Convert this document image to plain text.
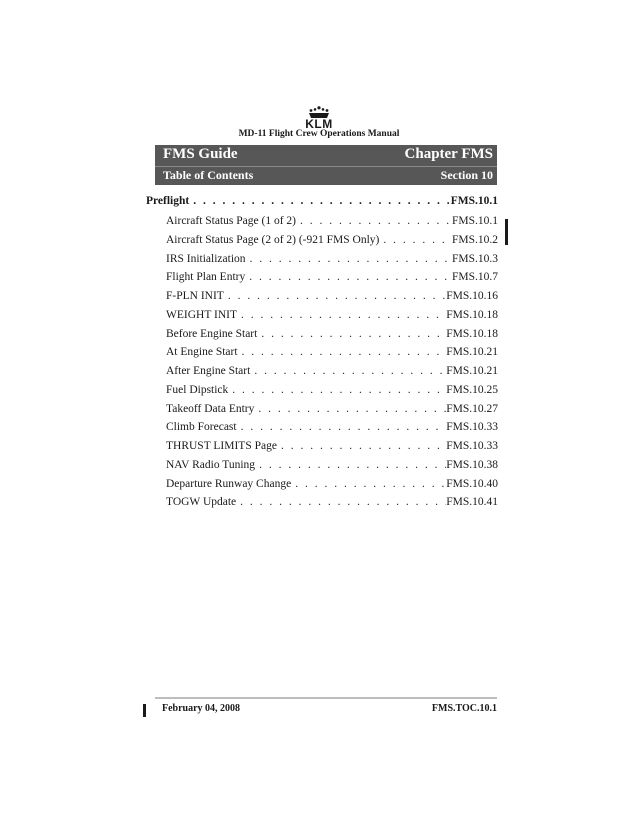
KLM
MD-11 Flight Crew Operations Manual
FMS Guide	Chapter FMS
Table of Contents	Section 10
Preflight . . .	FMS.10.1
Aircraft Status Page (1 of 2) . . .	FMS.10.1
Aircraft Status Page (2 of 2) (-921 FMS Only) . . .	FMS.10.2
IRS Initialization . . .	FMS.10.3
Flight Plan Entry . . .	FMS.10.7
F-PLN INIT . . .	FMS.10.16
WEIGHT INIT . . .	FMS.10.18
Before Engine Start . . .	FMS.10.18
At Engine Start . . .	FMS.10.21
After Engine Start . . .	FMS.10.21
Fuel Dipstick . . .	FMS.10.25
Takeoff Data Entry . . .	FMS.10.27
Climb Forecast . . .	FMS.10.33
THRUST LIMITS Page . . .	FMS.10.33
NAV Radio Tuning . . .	FMS.10.38
Departure Runway Change . . .	FMS.10.40
TOGW Update . . .	FMS.10.41
February 04, 2008	FMS.TOC.10.1
